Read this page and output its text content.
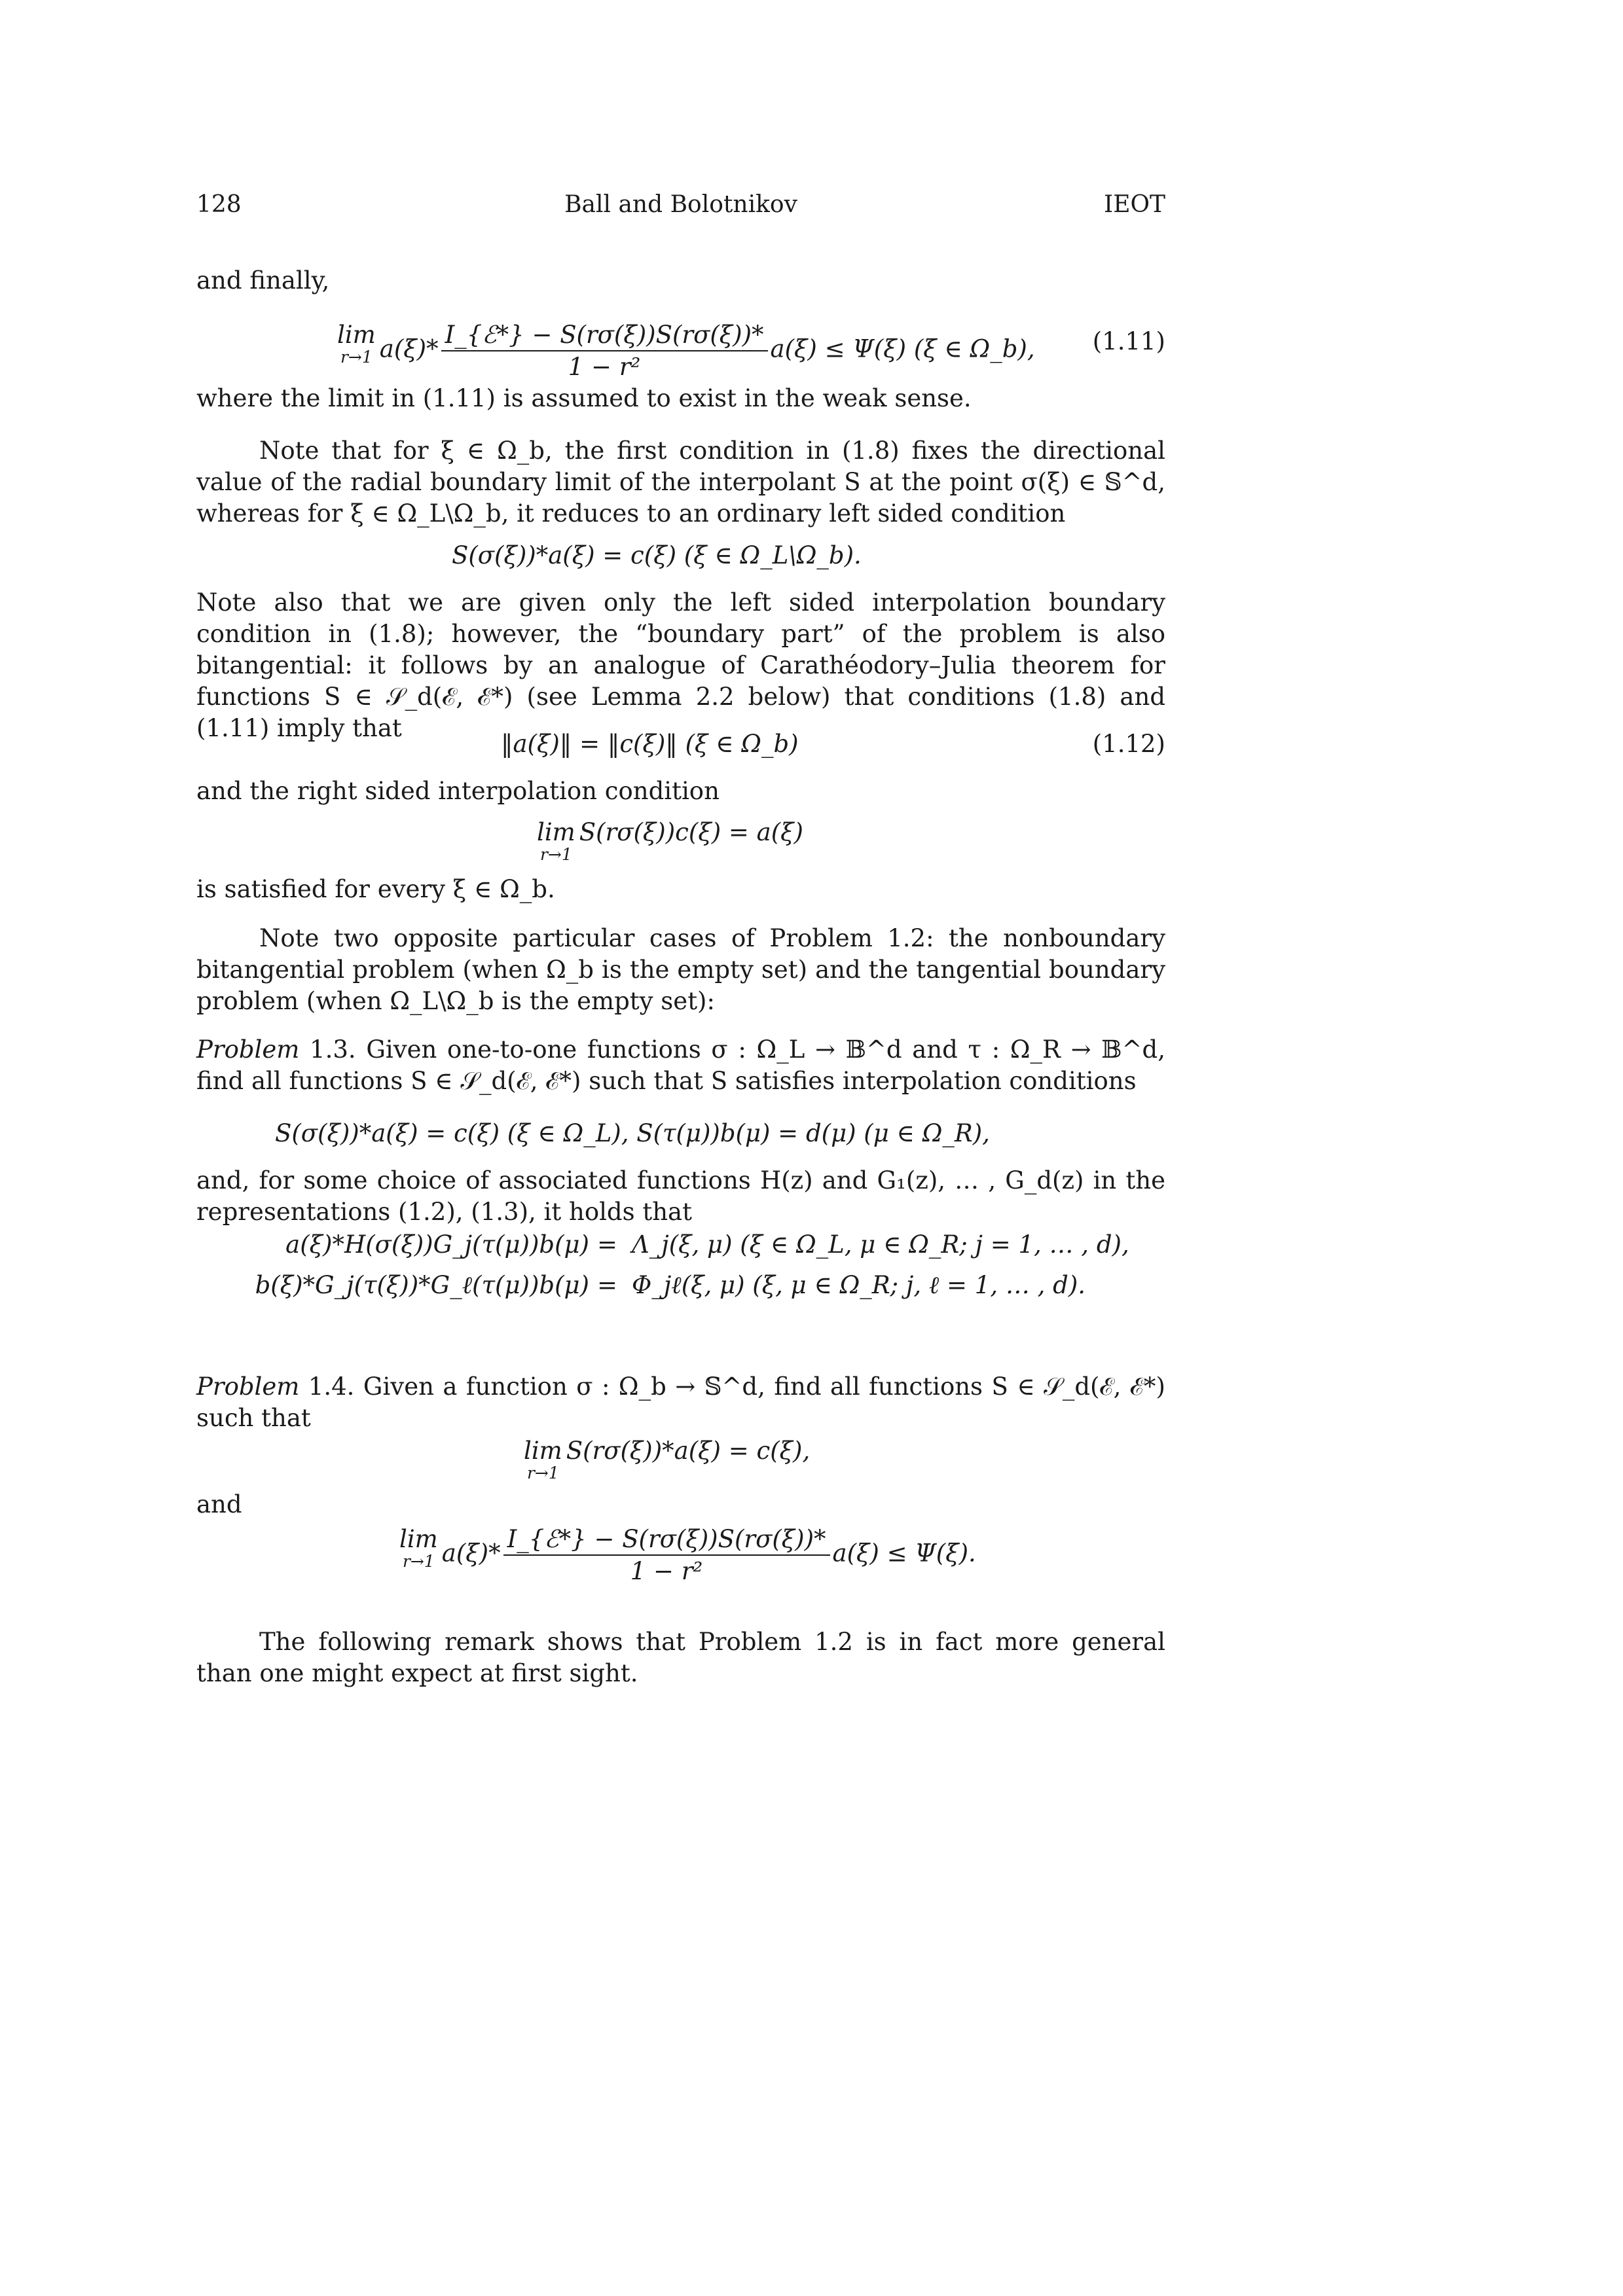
128	Ball and Bolotnikov	IEOT
and finally,
lim
r→1 $a(\xi)* \frac{\text{I\_\{ℰ*\} − S(rσ(ξ))S(rσ(ξ))*}}{\text{1 − r²}} a(\xi) \le \Psi(\xi)$ (ξ ∈ Ω_b), (1.11)
where the limit in (1.11) is assumed to exist in the weak sense.
Note that for ξ ∈ Ω_b, the first condition in (1.8) fixes the directional value of the radial boundary limit of the interpolant S at the point σ(ξ) ∈ 𝕊^d, whereas for ξ ∈ Ω_L\Ω_b, it reduces to an ordinary left sided condition
S(σ(ξ))*a(ξ) = c(ξ) (ξ ∈ Ω_L\Ω_b).
Note also that we are given only the left sided interpolation boundary condition in (1.8); however, the “boundary part” of the problem is also bitangential: it follows by an analogue of Carathéodory–Julia theorem for functions S ∈ 𝒮_d(ℰ, ℰ*) (see Lemma 2.2 below) that conditions (1.8) and (1.11) imply that
‖a(ξ)‖ = ‖c(ξ)‖ (ξ ∈ Ω_b)	(1.12)
and the right sided interpolation condition
lim
r→1
S(rσ(ξ))c(ξ) = a(ξ)
is satisfied for every ξ ∈ Ω_b.
Note two opposite particular cases of Problem 1.2: the nonboundary bitangential problem (when Ω_b is the empty set) and the tangential boundary problem (when Ω_L\Ω_b is the empty set):
Problem 1.3. Given one-to-one functions σ : Ω_L → 𝔹^d and τ : Ω_R → 𝔹^d, find all functions S ∈ 𝒮_d(ℰ, ℰ*) such that S satisfies interpolation conditions
S(σ(ξ))*a(ξ) = c(ξ) (ξ ∈ Ω_L), S(τ(μ))b(μ) = d(μ) (μ ∈ Ω_R),
and, for some choice of associated functions H(z) and G₁(z), … , G_d(z) in the representations (1.2), (1.3), it holds that
a(ξ)*H(σ(ξ))G_j(τ(μ))b(μ) = Λ_j(ξ, μ) (ξ ∈ Ω_L, μ ∈ Ω_R; j = 1, … , d),
b(ξ)*G_j(τ(ξ))*G_ℓ(τ(μ))b(μ) = Φ_jℓ(ξ, μ) (ξ, μ ∈ Ω_R; j, ℓ = 1, … , d).
Problem 1.4. Given a function σ : Ω_b → 𝕊^d, find all functions S ∈ 𝒮_d(ℰ, ℰ*) such that
lim
r→1
S(rσ(ξ))*a(ξ) = c(ξ),
and
lim
r→1 $a(\xi)* \frac{\text{I\_\{ℰ*\} − S(rσ(ξ))S(rσ(ξ))*}}{\text{1 − r²}} a(\xi) \le \Psi(\xi)$.
The following remark shows that Problem 1.2 is in fact more general than one might expect at first sight.
